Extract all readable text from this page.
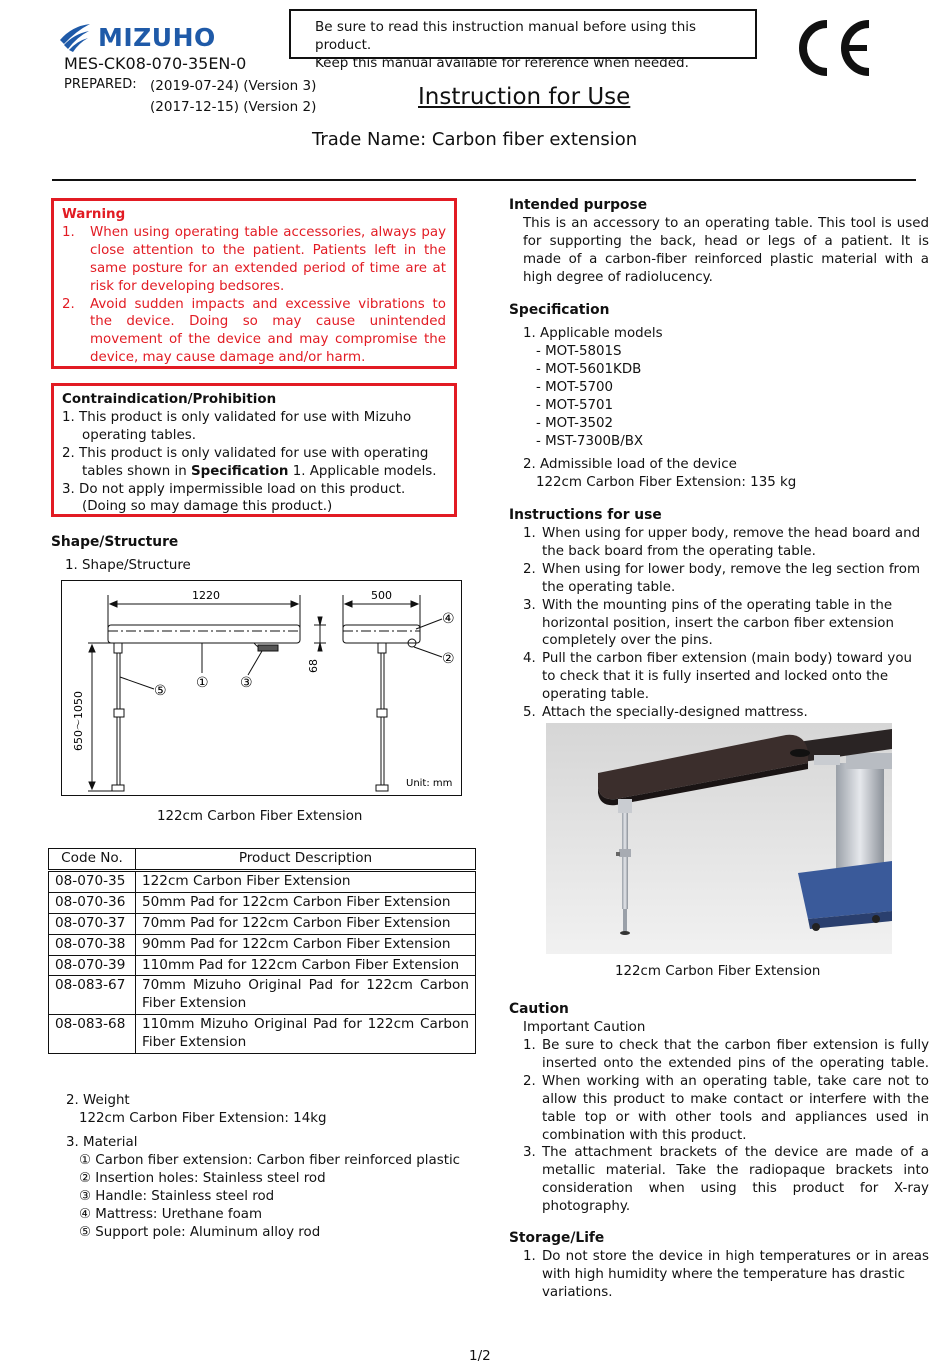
MIZUHO
MES-CK08-070-35EN-0
PREPARED: (2019-07-24) (Version 3)
(2017-12-15) (Version 2)
Be sure to read this instruction manual before using this product.
Keep this manual available for reference when needed.
Instruction for Use
Trade Name: Carbon fiber extension
Warning
1.	When using operating table accessories, always pay close attention to the patient. Patients left in the same posture for an extended period of time are at risk for developing bedsores.
2.	Avoid sudden impacts and excessive vibrations to the device. Doing so may cause unintended movement of the device and may compromise the device, may cause damage and/or harm.
Contraindication/Prohibition
1. This product is only validated for use with Mizuho
operating tables.
2. This product is only validated for use with operating
tables shown in Specification 1. Applicable models.
3. Do not apply impermissible load on this product.
(Doing so may damage this product.)
Shape/Structure
1. Shape/Structure
1220	500
68
650～1050	⑤ ① ③
④
②
Unit: mm
122cm Carbon Fiber Extension
Code No.	Product Description
08-070-35	122cm Carbon Fiber Extension
08-070-36	50mm Pad for 122cm Carbon Fiber Extension
08-070-37	70mm Pad for 122cm Carbon Fiber Extension
08-070-38	90mm Pad for 122cm Carbon Fiber Extension
08-070-39	110mm Pad for 122cm Carbon Fiber Extension
08-083-67	70mm Mizuho Original Pad for 122cm Carbon Fiber Extension
08-083-68	110mm Mizuho Original Pad for 122cm Carbon Fiber Extension
2. Weight
122cm Carbon Fiber Extension: 14kg
3. Material
① Carbon fiber extension: Carbon fiber reinforced plastic
② Insertion holes: Stainless steel rod
③ Handle: Stainless steel rod
④ Mattress: Urethane foam
⑤ Support pole: Aluminum alloy rod
Intended purpose
This is an accessory to an operating table. This tool is used
for supporting the back, head or legs of a patient. It is
made of a carbon-fiber reinforced plastic material with a
high degree of radiolucency.
Specification
1. Applicable models
- MOT-5801S
- MOT-5601KDB
- MOT-5700
- MOT-5701
- MOT-3502
- MST-7300B/BX
2. Admissible load of the device
122cm Carbon Fiber Extension: 135 kg
Instructions for use
1. When using for upper body, remove the head board and
the back board from the operating table.
2. When using for lower body, remove the leg section from
the operating table.
3. With the mounting pins of the operating table in the
horizontal position, insert the carbon fiber extension
completely over the pins.
4. Pull the carbon fiber extension (main body) toward you
to check that it is fully inserted and locked onto the
operating table.
5. Attach the specially-designed mattress.
122cm Carbon Fiber Extension
Caution
Important Caution
1. Be sure to check that the carbon fiber extension is fully
inserted onto the extended pins of the operating table.
2. When working with an operating table, take care not to
allow this product to make contact or interfere with the
table top or with other tools and appliances used in
combination with this product.
3. The attachment brackets of the device are made of a
metallic material. Take the radiopaque brackets into
consideration when using this product for X-ray
photography.
Storage/Life
1. Do not store the device in high temperatures or in areas
with high humidity where the temperature has drastic
variations.
1/2
